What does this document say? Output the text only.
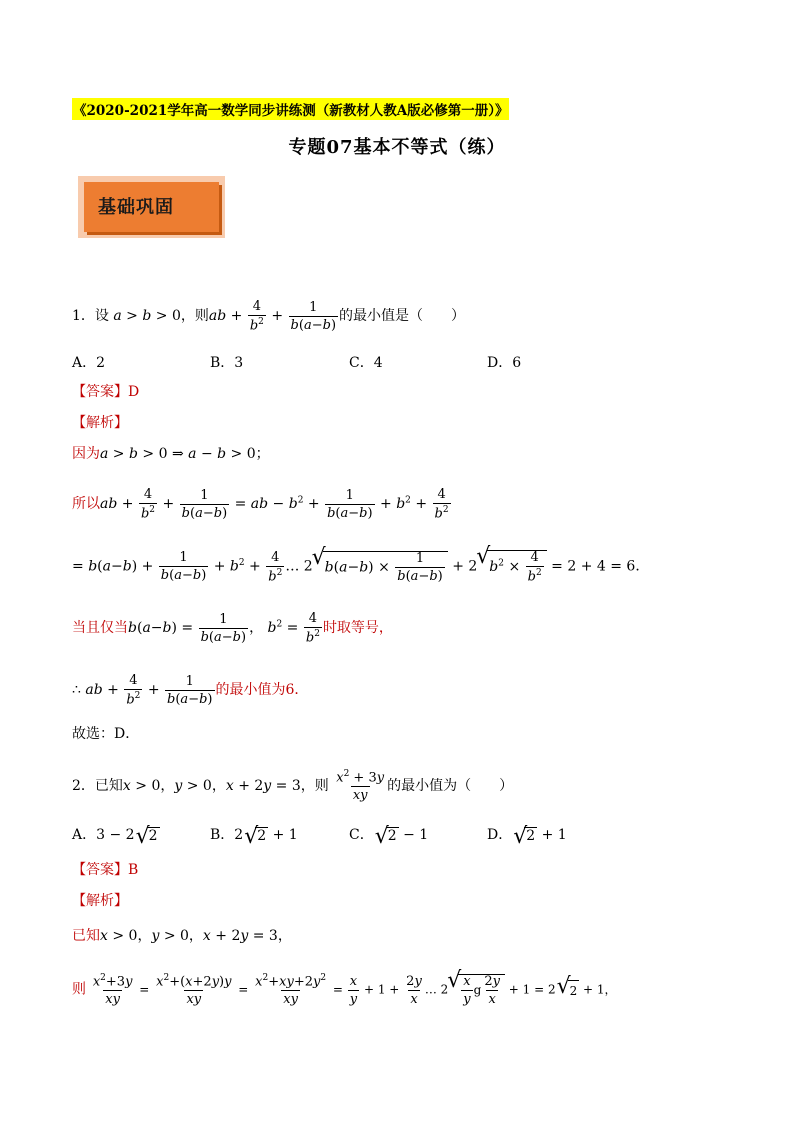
《2020-2021学年高一数学同步讲练测（新教材人教A版必修第一册）》
专题07基本不等式（练）
基础巩固
1．设 a > b > 0，则ab + $\frac{4}{b^2} + \frac{1}{b(a-b)}$ 的最小值是（　　）
A．2	B．3	C．4	D．6
【答案】D
【解析】
因为a > b > 0 ⇒ a − b > 0；
所以ab + $\frac{4}{b^2} + \frac{1}{b(a-b)}$ = ab − $b^2 + \frac{1}{b(a-b)} + b^2 + \frac{4}{b^2}$
= $b(a-b) + \frac{1}{b(a-b)} + b^2 + \frac{4}{b^2}$ … 2√ $b(a-b) \times \frac{1}{b(a-b)} + 2√$ $b^2 \times \frac{4}{b^2} = 2 + 4 = 6$．
当且仅当$b(a-b) = \frac{1}{b(a-b)}$ ， $b^2 = \frac{4}{b^2}$ 时取等号，
∴ ab + $\frac{4}{b^2} + \frac{1}{b(a-b)}$ 的最小值为6．
故选：D．
2．已知x > 0，y > 0，x + 2y = 3，则 $\frac{x^2 + 3y}{xy}$ 的最小值为（　　）
A．3 − 2√ 2	B．2√ 2 + 1	C．√ 2 − 1	D．√ 2 + 1
【答案】B
【解析】
已知x > 0，y > 0，x + 2y = 3，
则 $\frac{x^2+3y}{xy} = \frac{x^2+(x+2y)y}{xy} = \frac{x^2+xy+2y^2}{xy} = \frac{x}{y} + 1 + \frac{2y}{x}$ … 2
√ $\frac{x}{y}$ g $\frac{2y}{x} + 1 = 2√$ 2 + 1，
